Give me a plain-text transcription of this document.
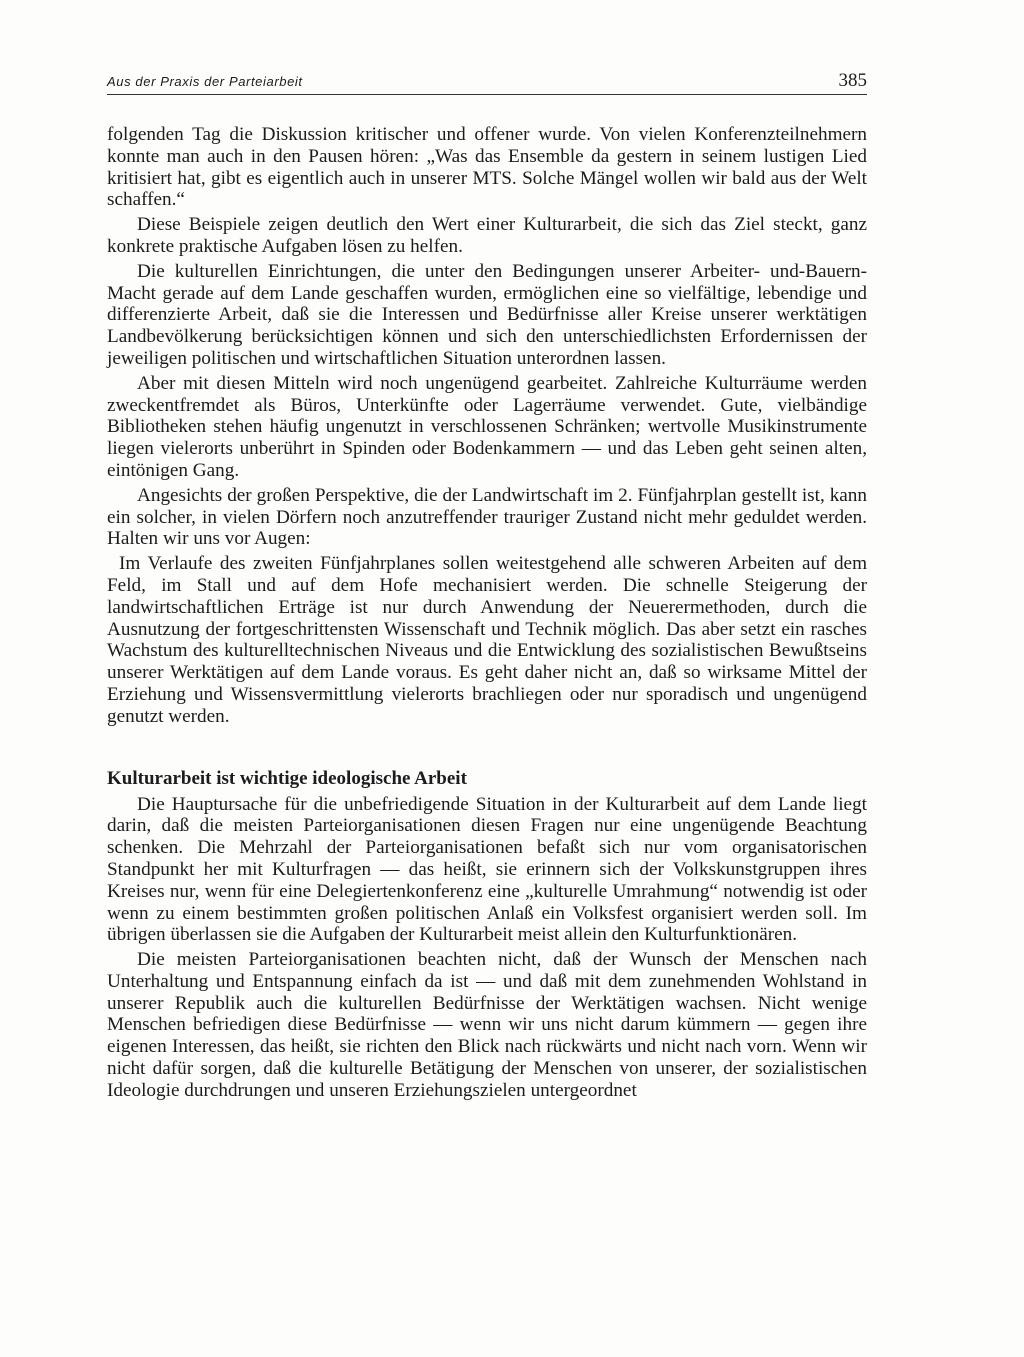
Aus der Praxis der Parteiarbeit	385

folgenden Tag die Diskussion kritischer und offener wurde. Von vielen Konferenzteilnehmern konnte man auch in den Pausen hören: „Was das Ensemble da gestern in seinem lustigen Lied kritisiert hat, gibt es eigentlich auch in unserer MTS. Solche Mängel wollen wir bald aus der Welt schaffen.“

Diese Beispiele zeigen deutlich den Wert einer Kulturarbeit, die sich das Ziel steckt, ganz konkrete praktische Aufgaben lösen zu helfen.

Die kulturellen Einrichtungen, die unter den Bedingungen unserer Arbeiter- und-Bauern-Macht gerade auf dem Lande geschaffen wurden, ermöglichen eine so vielfältige, lebendige und differenzierte Arbeit, daß sie die Interessen und Bedürfnisse aller Kreise unserer werktätigen Landbevölkerung berücksichtigen können und sich den unterschiedlichsten Erfordernissen der jeweiligen politischen und wirtschaftlichen Situation unterordnen lassen.

Aber mit diesen Mitteln wird noch ungenügend gearbeitet. Zahlreiche Kulturräume werden zweckentfremdet als Büros, Unterkünfte oder Lagerräume verwendet. Gute, vielbändige Bibliotheken stehen häufig ungenutzt in verschlossenen Schränken; wertvolle Musikinstrumente liegen vielerorts unberührt in Spinden oder Bodenkammern — und das Leben geht seinen alten, eintönigen Gang.

Angesichts der großen Perspektive, die der Landwirtschaft im 2. Fünfjahrplan gestellt ist, kann ein solcher, in vielen Dörfern noch anzutreffender trauriger Zustand nicht mehr geduldet werden. Halten wir uns vor Augen:

Im Verlaufe des zweiten Fünfjahrplanes sollen weitestgehend alle schweren Arbeiten auf dem Feld, im Stall und auf dem Hofe mechanisiert werden. Die schnelle Steigerung der landwirtschaftlichen Erträge ist nur durch Anwendung der Neuerermethoden, durch die Ausnutzung der fortgeschrittensten Wissenschaft und Technik möglich. Das aber setzt ein rasches Wachstum des kulturelltechnischen Niveaus und die Entwicklung des sozialistischen Bewußtseins unserer Werktätigen auf dem Lande voraus. Es geht daher nicht an, daß so wirksame Mittel der Erziehung und Wissensvermittlung vielerorts brachliegen oder nur sporadisch und ungenügend genutzt werden.

Kulturarbeit ist wichtige ideologische Arbeit

Die Hauptursache für die unbefriedigende Situation in der Kulturarbeit auf dem Lande liegt darin, daß die meisten Parteiorganisationen diesen Fragen nur eine ungenügende Beachtung schenken. Die Mehrzahl der Parteiorganisationen befaßt sich nur vom organisatorischen Standpunkt her mit Kulturfragen — das heißt, sie erinnern sich der Volkskunstgruppen ihres Kreises nur, wenn für eine Delegiertenkonferenz eine „kulturelle Umrahmung“ notwendig ist oder wenn zu einem bestimmten großen politischen Anlaß ein Volksfest organisiert werden soll. Im übrigen überlassen sie die Aufgaben der Kulturarbeit meist allein den Kulturfunktionären.

Die meisten Parteiorganisationen beachten nicht, daß der Wunsch der Menschen nach Unterhaltung und Entspannung einfach da ist — und daß mit dem zunehmenden Wohlstand in unserer Republik auch die kulturellen Bedürfnisse der Werktätigen wachsen. Nicht wenige Menschen befriedigen diese Bedürfnisse — wenn wir uns nicht darum kümmern — gegen ihre eigenen Interessen, das heißt, sie richten den Blick nach rückwärts und nicht nach vorn. Wenn wir nicht dafür sorgen, daß die kulturelle Betätigung der Menschen von unserer, der sozialistischen Ideologie durchdrungen und unseren Erziehungszielen untergeordnet
